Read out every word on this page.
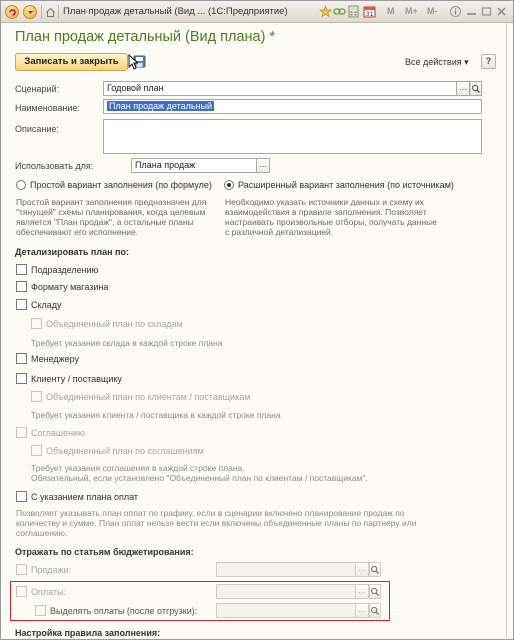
План продаж детальный (Вид ... (1С:Предприятие)	31 M M+ M-
План продаж детальный (Вид плана) *
Записать и закрыть	Все действия ▾	?
Сценарий:	Годовой план	...
Наименование:	План продаж детальный
Описание:
Использовать для:	Плана продаж	...
Простой вариант заполнения (по формуле)	Расширенный вариант заполнения (по источникам)
Простой вариант заполнения предназначен для
"тянущей" схемы планирования, когда целевым
является "План продаж", а остальные планы
обеспечивают его исполнение.
Необходимо указать источники данных и схему их
взаимодействия в правиле заполнения. Позволяет
настраивать произвольные отборы, получать данные
с различной детализацией.
Детализировать план по:
Подразделению
Формату магазина
Складу
Объединенный план по складам
Требует указания склада в каждой строке плана
Менеджеру
Клиенту / поставщику
Объединенный план по клиентам / поставщикам
Требует указания клиента / поставщика в каждой строке плана
Соглашению
Объединенный план по соглашениям
Требует указания соглашения в каждой строке плана.
Обязательный, если установлено "Объединенный план по клиентам / поставщикам".
С указанием плана оплат
Позволяет указывать план оплат по графику, если в сценарии включено планирование продаж по
количеству и сумме. План оплат нельзя вести если включены объединенные планы по партнеру или
соглашению.
Отражать по статьям бюджетирования:
Продажи:	...
Оплаты:	...
Выделять оплаты (после отгрузки):	...
Настройка правила заполнения:
